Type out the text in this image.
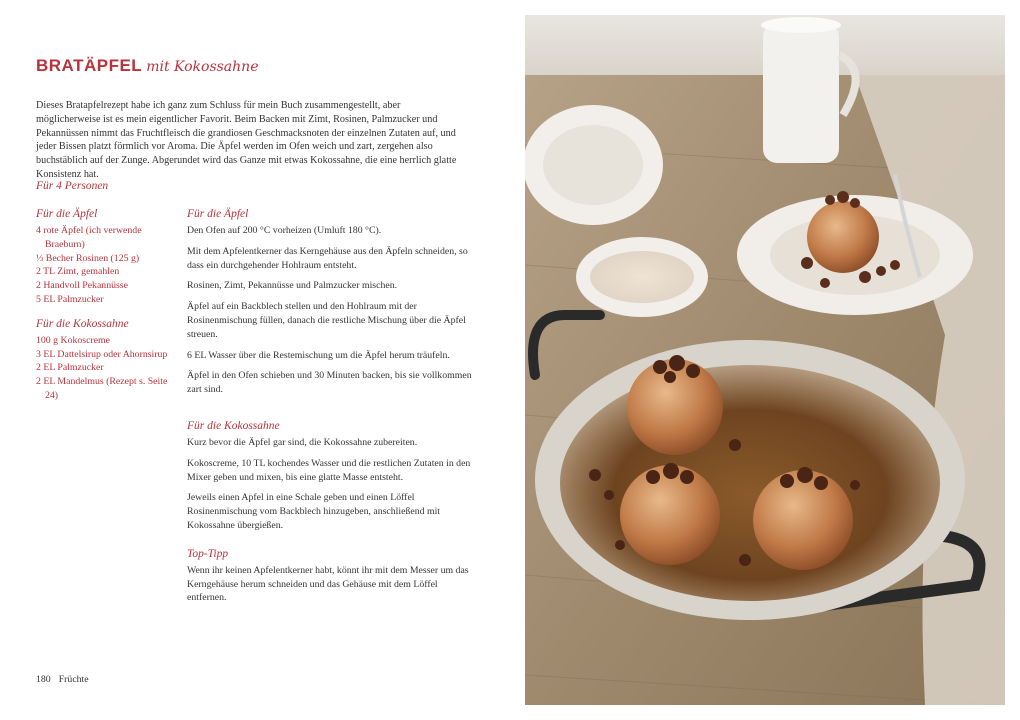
BRATÄPFEL mit Kokossahne

Dieses Bratapfelrezept habe ich ganz zum Schluss für mein Buch zusammengestellt, aber möglicherweise ist es mein eigentlicher Favorit. Beim Backen mit Zimt, Rosinen, Palmzucker und Pekannüssen nimmt das Fruchtfleisch die grandiosen Geschmacksnoten der einzelnen Zutaten auf, und jeder Bissen platzt förmlich vor Aroma. Die Äpfel werden im Ofen weich und zart, zergehen also buchstäblich auf der Zunge. Abgerundet wird das Ganze mit etwas Kokossahne, die eine herrlich glatte Konsistenz hat.

Für 4 Personen
Für die Äpfel
4 rote Äpfel (ich verwende Braeburn)
⅓ Becher Rosinen (125 g)
2 TL Zimt, gemahlen
2 Handvoll Pekannüsse
5 EL Palmzucker
Für die Kokossahne
100 g Kokoscreme
3 EL Dattelsirup oder Ahornsirup
2 EL Palmzucker
2 EL Mandelmus (Rezept s. Seite 24)
Für die Äpfel

Den Ofen auf 200 °C vorheizen (Umluft 180 °C).

Mit dem Apfelentkerner das Kerngehäuse aus den Äpfeln schneiden, so dass ein durchgehender Hohlraum entsteht.

Rosinen, Zimt, Pekannüsse und Palmzucker mischen.

Äpfel auf ein Backblech stellen und den Hohlraum mit der Rosinenmischung füllen, danach die restliche Mischung über die Äpfel streuen.

6 EL Wasser über die Restemischung um die Äpfel herum träufeln.

Äpfel in den Ofen schieben und 30 Minuten backen, bis sie vollkommen zart sind.

Für die Kokossahne

Kurz bevor die Äpfel gar sind, die Kokossahne zubereiten.

Kokoscreme, 10 TL kochendes Wasser und die restlichen Zutaten in den Mixer geben und mixen, bis eine glatte Masse entsteht.

Jeweils einen Apfel in eine Schale geben und einen Löffel Rosinenmischung vom Backblech hinzugeben, anschließend mit Kokossahne übergießen.

Top-Tipp

Wenn ihr keinen Apfelentkerner habt, könnt ihr mit dem Messer um das Kerngehäuse herum schneiden und das Gehäuse mit dem Löffel entfernen.

180 Früchte
